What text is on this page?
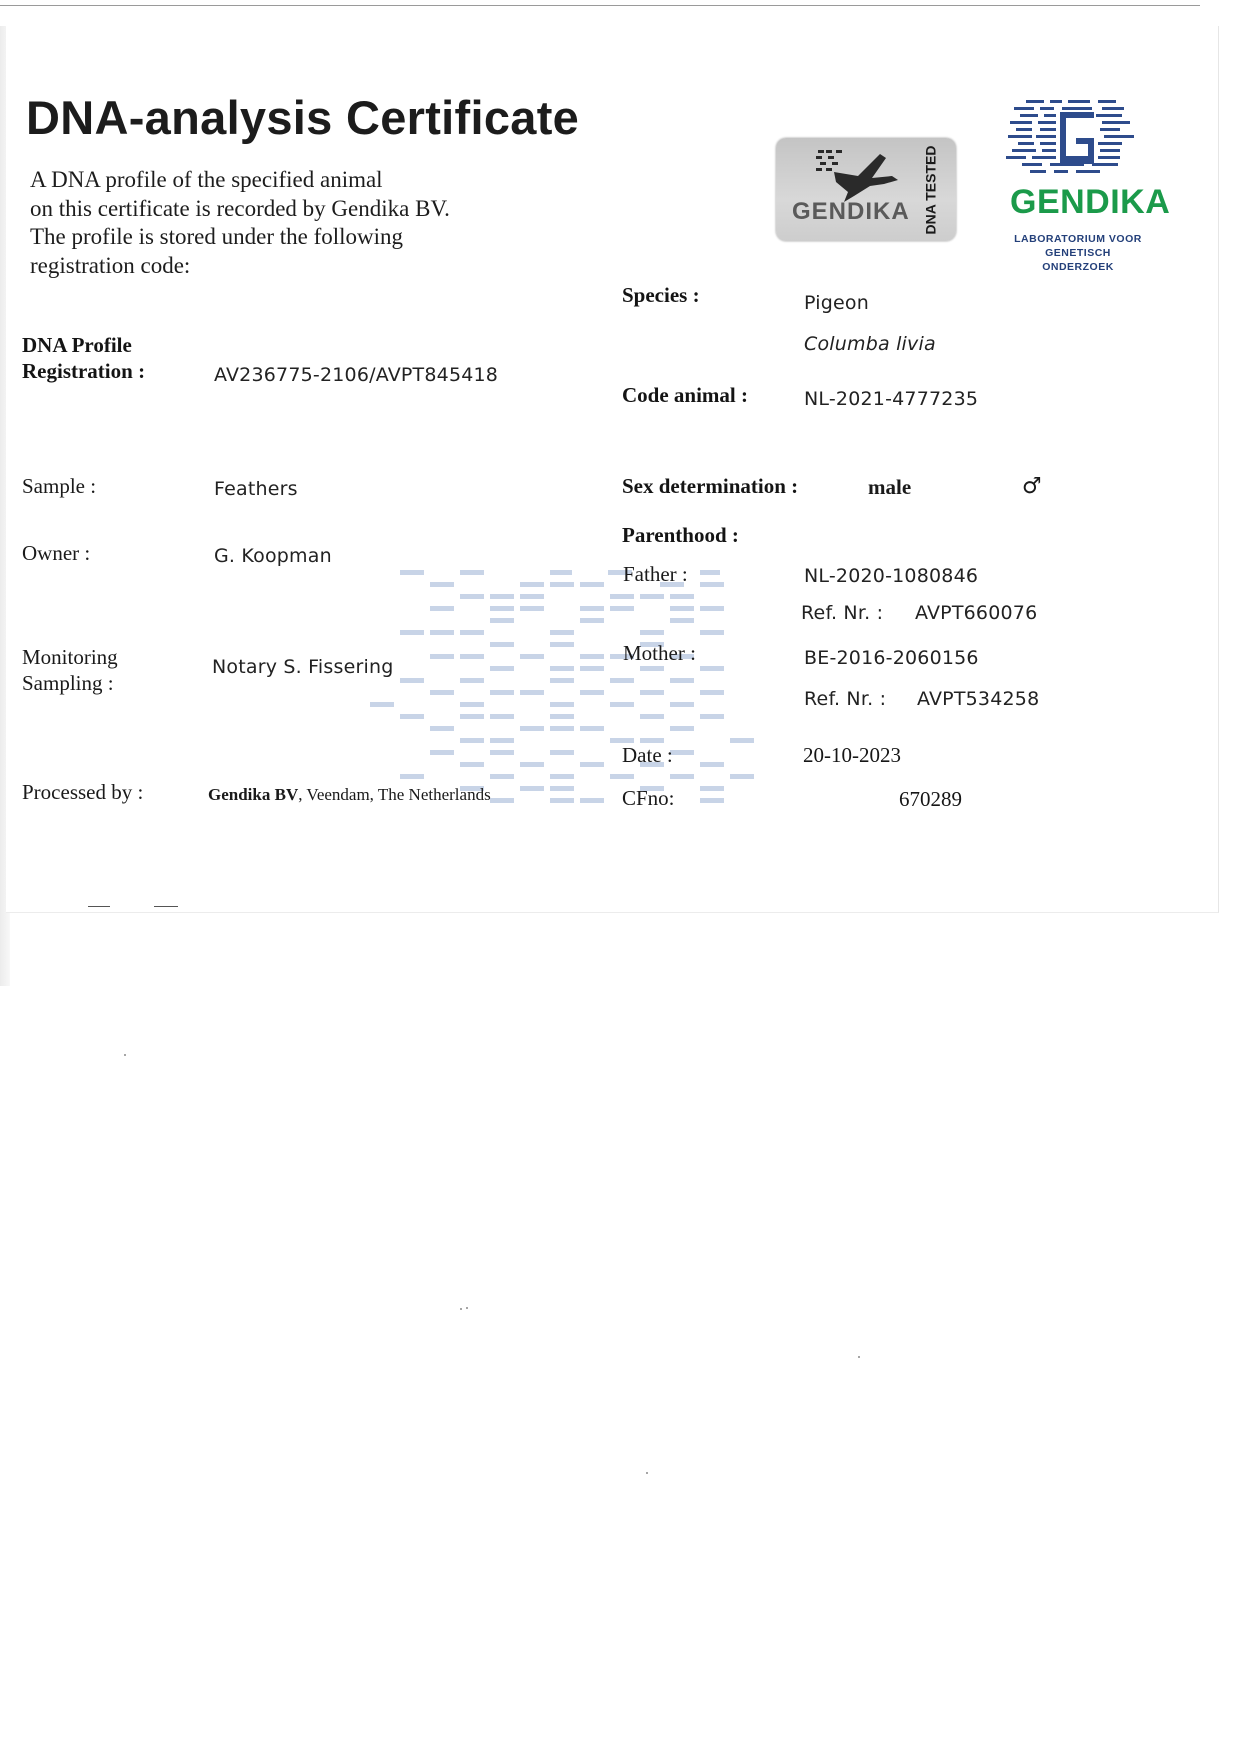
DNA-analysis Certificate
A DNA profile of the specified animal
on this certificate is recorded by Gendika BV.
The profile is stored under the following
registration code:
GENDIKA DNA TESTED GENDIKA
LABORATORIUM VOOR
GENETISCH ONDERZOEK
DNA Profile
Registration :	AV236775-2106/AVPT845418
Sample :	Feathers
Owner :	G. Koopman
Monitoring
Sampling :
Notary S. Fissering
Processed by :	Gendika BV, Veendam, The Netherlands
Species :	Pigeon
Columba livia
Code animal :	NL-2021-4777235
Sex determination :	male	♂
Parenthood :
Father :	NL-2020-1080846
Ref. Nr. : AVPT660076
Mother :	BE-2016-2060156
Ref. Nr. : AVPT534258
Date :	20-10-2023
CFno:	670289
